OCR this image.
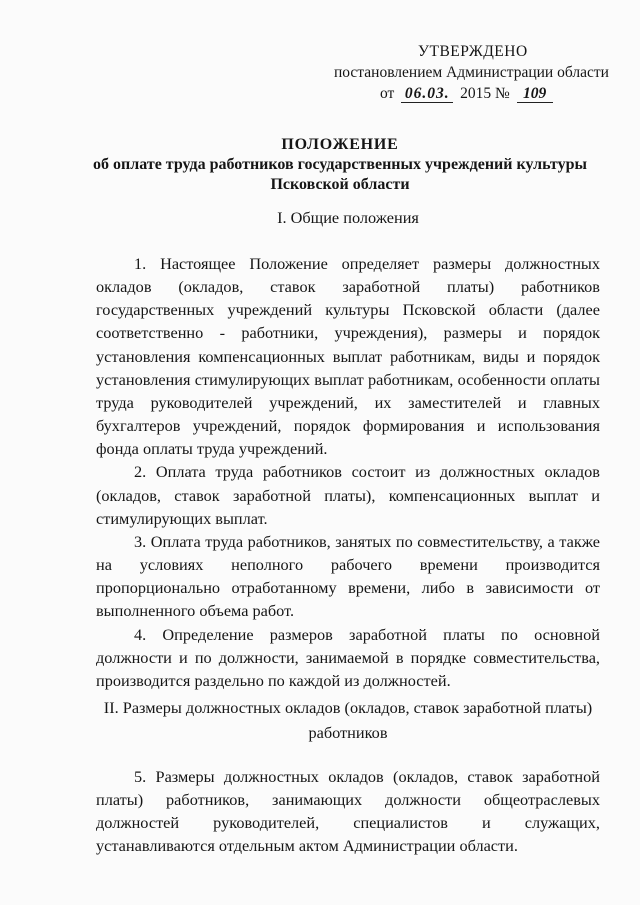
УТВЕРЖДЕНО
постановлением Администрации области
от 06.03. 2015 № 109
ПОЛОЖЕНИЕ
об оплате труда работников государственных учреждений культуры
Псковской области
I. Общие положения

1. Настоящее Положение определяет размеры должностных окладов (окладов, ставок заработной платы) работников государственных учреждений культуры Псковской области (далее соответственно - работники, учреждения), размеры и порядок установления компенсационных выплат работникам, виды и порядок установления стимулирующих выплат работникам, особенности оплаты труда руководителей учреждений, их заместителей и главных бухгалтеров учреждений, порядок формирования и использования фонда оплаты труда учреждений.

2. Оплата труда работников состоит из должностных окладов (окладов, ставок заработной платы), компенсационных выплат и стимулирующих выплат.

3. Оплата труда работников, занятых по совместительству, а также на условиях неполного рабочего времени производится пропорционально отработанному времени, либо в зависимости от выполненного объема работ.

4. Определение размеров заработной платы по основной должности и по должности, занимаемой в порядке совместительства, производится раздельно по каждой из должностей.

II. Размеры должностных окладов (окладов, ставок заработной платы) работников

5. Размеры должностных окладов (окладов, ставок заработной платы) работников, занимающих должности общеотраслевых должностей руководителей, специалистов и служащих, устанавливаются отдельным актом Администрации области.
